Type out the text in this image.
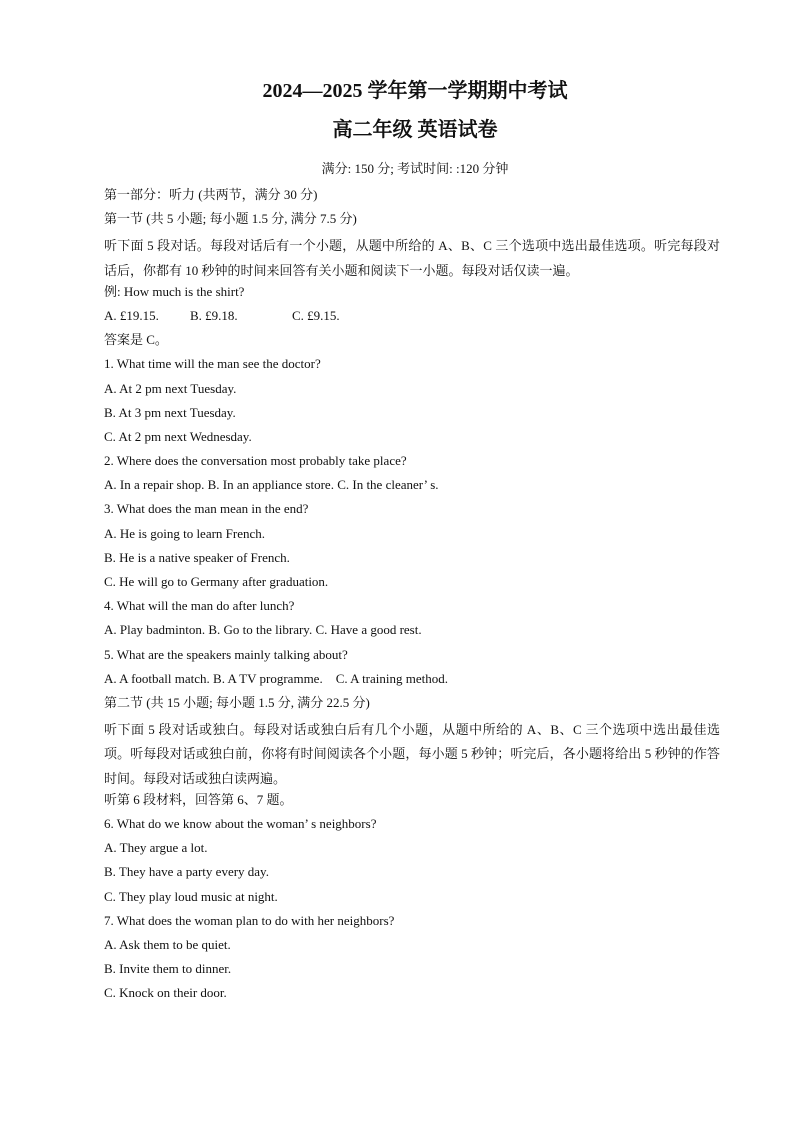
2024—2025 学年第一学期期中考试
高二年级 英语试卷
满分: 150 分; 考试时间: :120 分钟

第一部分：听力 (共两节，满分 30 分)

第一节 (共 5 小题; 每小题 1.5 分, 满分 7.5 分)

听下面 5 段对话。每段对话后有一个小题，从题中所给的 A、B、C 三个选项中选出最佳选项。听完每段对话后，你都有 10 秒钟的时间来回答有关小题和阅读下一小题。每段对话仅读一遍。

例: How much is the shirt?

A. £19.15.	B. £9.18.	C. £9.15.

答案是 C。

1. What time will the man see the doctor?

A. At 2 pm next Tuesday.

B. At 3 pm next Tuesday.

C. At 2 pm next Wednesday.

2. Where does the conversation most probably take place?

A. In a repair shop. B. In an appliance store. C. In the cleaner’ s.

3. What does the man mean in the end?

A. He is going to learn French.

B. He is a native speaker of French.

C. He will go to Germany after graduation.

4. What will the man do after lunch?

A. Play badminton. B. Go to the library. C. Have a good rest.

5. What are the speakers mainly talking about?

A. A football match. B. A TV programme.    C. A training method.

第二节 (共 15 小题; 每小题 1.5 分, 满分 22.5 分)

听下面 5 段对话或独白。每段对话或独白后有几个小题，从题中所给的 A、B、C 三个选项中选出最佳选项。听每段对话或独白前，你将有时间阅读各个小题，每小题 5 秒钟；听完后，各小题将给出 5 秒钟的作答时间。每段对话或独白读两遍。

听第 6 段材料，回答第 6、7 题。

6. What do we know about the woman’ s neighbors?

A. They argue a lot.

B. They have a party every day.

C. They play loud music at night.

7. What does the woman plan to do with her neighbors?

A. Ask them to be quiet.

B. Invite them to dinner.

C. Knock on their door.
